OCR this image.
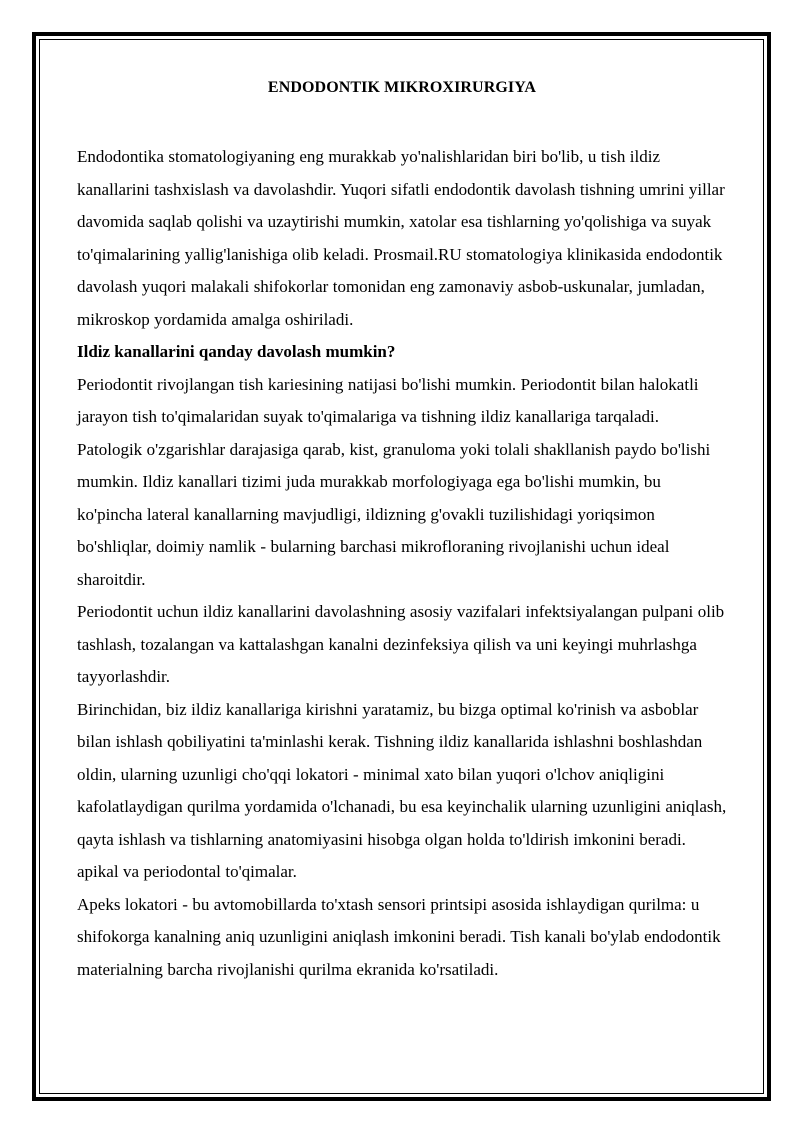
ENDODONTIK MIKROXIRURGIYA

Endodontika stomatologiyaning eng murakkab yo'nalishlaridan biri bo'lib, u tish ildiz kanallarini tashxislash va davolashdir. Yuqori sifatli endodontik davolash tishning umrini yillar davomida saqlab qolishi va uzaytirishi mumkin, xatolar esa tishlarning yo'qolishiga va suyak to'qimalarining yallig'lanishiga olib keladi. Prosmail.RU stomatologiya klinikasida endodontik davolash yuqori malakali shifokorlar tomonidan eng zamonaviy asbob-uskunalar, jumladan, mikroskop yordamida amalga oshiriladi.

Ildiz kanallarini qanday davolash mumkin?

Periodontit rivojlangan tish kariesining natijasi bo'lishi mumkin. Periodontit bilan halokatli jarayon tish to'qimalaridan suyak to'qimalariga va tishning ildiz kanallariga tarqaladi. Patologik o'zgarishlar darajasiga qarab, kist, granuloma yoki tolali shakllanish paydo bo'lishi mumkin. Ildiz kanallari tizimi juda murakkab morfologiyaga ega bo'lishi mumkin, bu ko'pincha lateral kanallarning mavjudligi, ildizning g'ovakli tuzilishidagi yoriqsimon bo'shliqlar, doimiy namlik - bularning barchasi mikrofloraning rivojlanishi uchun ideal sharoitdir.

Periodontit uchun ildiz kanallarini davolashning asosiy vazifalari infektsiyalangan pulpani olib tashlash, tozalangan va kattalashgan kanalni dezinfeksiya qilish va uni keyingi muhrlashga tayyorlashdir.

Birinchidan, biz ildiz kanallariga kirishni yaratamiz, bu bizga optimal ko'rinish va asboblar bilan ishlash qobiliyatini ta'minlashi kerak. Tishning ildiz kanallarida ishlashni boshlashdan oldin, ularning uzunligi cho'qqi lokatori - minimal xato bilan yuqori o'lchov aniqligini kafolatlaydigan qurilma yordamida o'lchanadi, bu esa keyinchalik ularning uzunligini aniqlash, qayta ishlash va tishlarning anatomiyasini hisobga olgan holda to'ldirish imkonini beradi. apikal va periodontal to'qimalar.

Apeks lokatori - bu avtomobillarda to'xtash sensori printsipi asosida ishlaydigan qurilma: u shifokorga kanalning aniq uzunligini aniqlash imkonini beradi. Tish kanali bo'ylab endodontik materialning barcha rivojlanishi qurilma ekranida ko'rsatiladi.
